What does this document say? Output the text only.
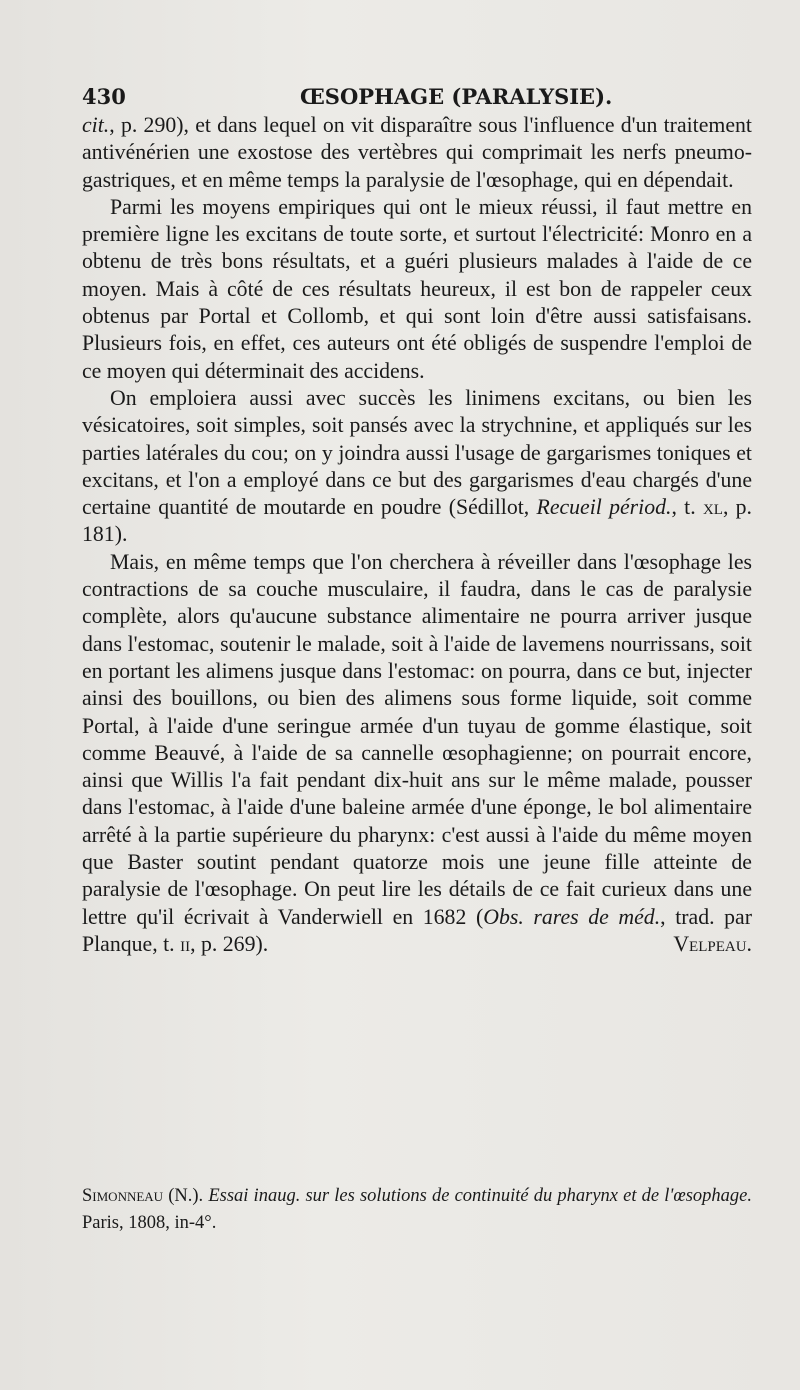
430	ŒSOPHAGE (PARALYSIE).

cit., p. 290), et dans lequel on vit disparaître sous l'influence d'un traitement antivénérien une exostose des vertèbres qui comprimait les nerfs pneumo-gastriques, et en même temps la paralysie de l'œsophage, qui en dépendait.

Parmi les moyens empiriques qui ont le mieux réussi, il faut mettre en première ligne les excitans de toute sorte, et surtout l'électricité: Monro en a obtenu de très bons résultats, et a guéri plusieurs malades à l'aide de ce moyen. Mais à côté de ces résultats heureux, il est bon de rappeler ceux obtenus par Portal et Collomb, et qui sont loin d'être aussi satisfaisans. Plusieurs fois, en effet, ces auteurs ont été obligés de suspendre l'emploi de ce moyen qui déterminait des accidens.

On emploiera aussi avec succès les linimens excitans, ou bien les vésicatoires, soit simples, soit pansés avec la strychnine, et appliqués sur les parties latérales du cou; on y joindra aussi l'usage de gargarismes toniques et excitans, et l'on a employé dans ce but des gargarismes d'eau chargés d'une certaine quantité de moutarde en poudre (Sédillot, Recueil périod., t. xl, p. 181).

Mais, en même temps que l'on cherchera à réveiller dans l'œsophage les contractions de sa couche musculaire, il faudra, dans le cas de paralysie complète, alors qu'aucune substance alimentaire ne pourra arriver jusque dans l'estomac, soutenir le malade, soit à l'aide de lavemens nourrissans, soit en portant les alimens jusque dans l'estomac: on pourra, dans ce but, injecter ainsi des bouillons, ou bien des alimens sous forme liquide, soit comme Portal, à l'aide d'une seringue armée d'un tuyau de gomme élastique, soit comme Beauvé, à l'aide de sa cannelle œsophagienne; on pourrait encore, ainsi que Willis l'a fait pendant dix-huit ans sur le même malade, pousser dans l'estomac, à l'aide d'une baleine armée d'une éponge, le bol alimentaire arrêté à la partie supérieure du pharynx: c'est aussi à l'aide du même moyen que Baster soutint pendant quatorze mois une jeune fille atteinte de paralysie de l'œsophage. On peut lire les détails de ce fait curieux dans une lettre qu'il écrivait à Vanderwiell en 1682 (Obs. rares de méd., trad. par Planque, t. ii, p. 269).	Velpeau.

Simonneau (N.). Essai inaug. sur les solutions de continuité du pharynx et de l'œsophage. Paris, 1808, in-4°.
